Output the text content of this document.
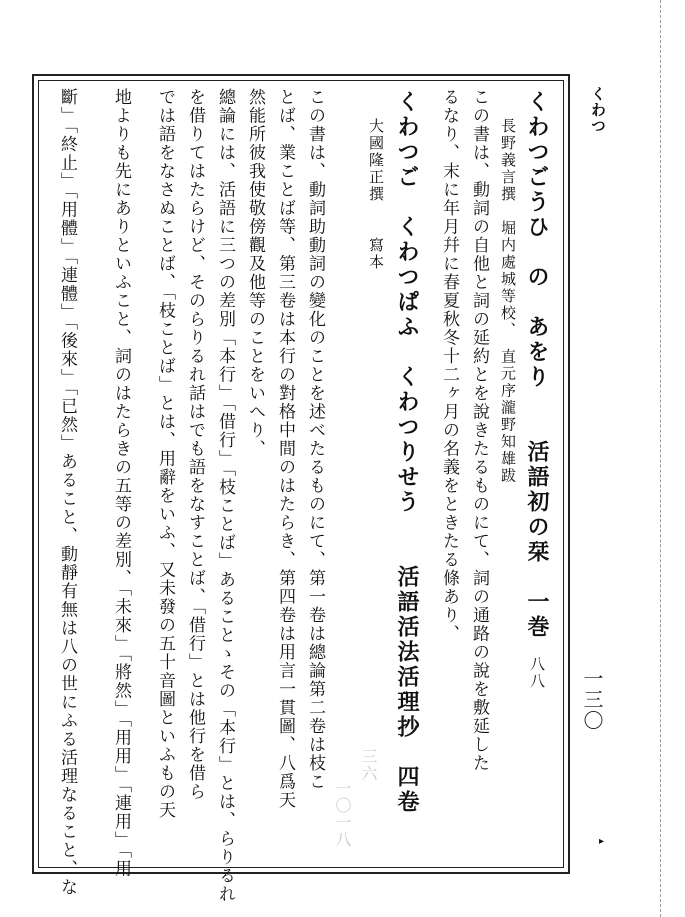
くわつ
くわつごうひ　の　あをり　　活語初の栞　一巻
八八
長野義言撰　堀内處城等校、　直元序瀧野知雄跋
この書は、動詞の自他と詞の延約とを說きたるものにて、詞の通路の說を敷延した
るなり、末に年月幷に春夏秋冬十二ヶ月の名義をときたる條あり、
くわつご　くわつぱふ　くわつりせう　　活語活法活理抄　四卷
大國隆正撰　　寫本
三六
一〇一八
この書は、動詞助動詞の變化のことを述べたるものにて、第一卷は總論第二卷は枝こ
とば、業ことば等、第三卷は本行の對格中間のはたらき、第四卷は用言一貫圖、八爲天
然能所彼我使敬傍觀及他等のことをいへり、
總論には、活語に三つの差別「本行」「借行」「枝ことば」あることゝその「本行」とは、らりるれ
を借りてはたらけど、そのらりるれ話はでも語をなすことば、「借行」とは他行を借ら
では語をなさぬことば、「枝ことば」とは、用辭をいふ、又未發の五十音圖といふもの天
地よりも先にありといふこと、詞のはたらきの五等の差別、「未來」「將然」「用用」「連用」「用
斷」「終止」「用體」「連體」「後來」「已然」あること、動靜有無は八の世にふる活理なること、な	一三〇
▸
